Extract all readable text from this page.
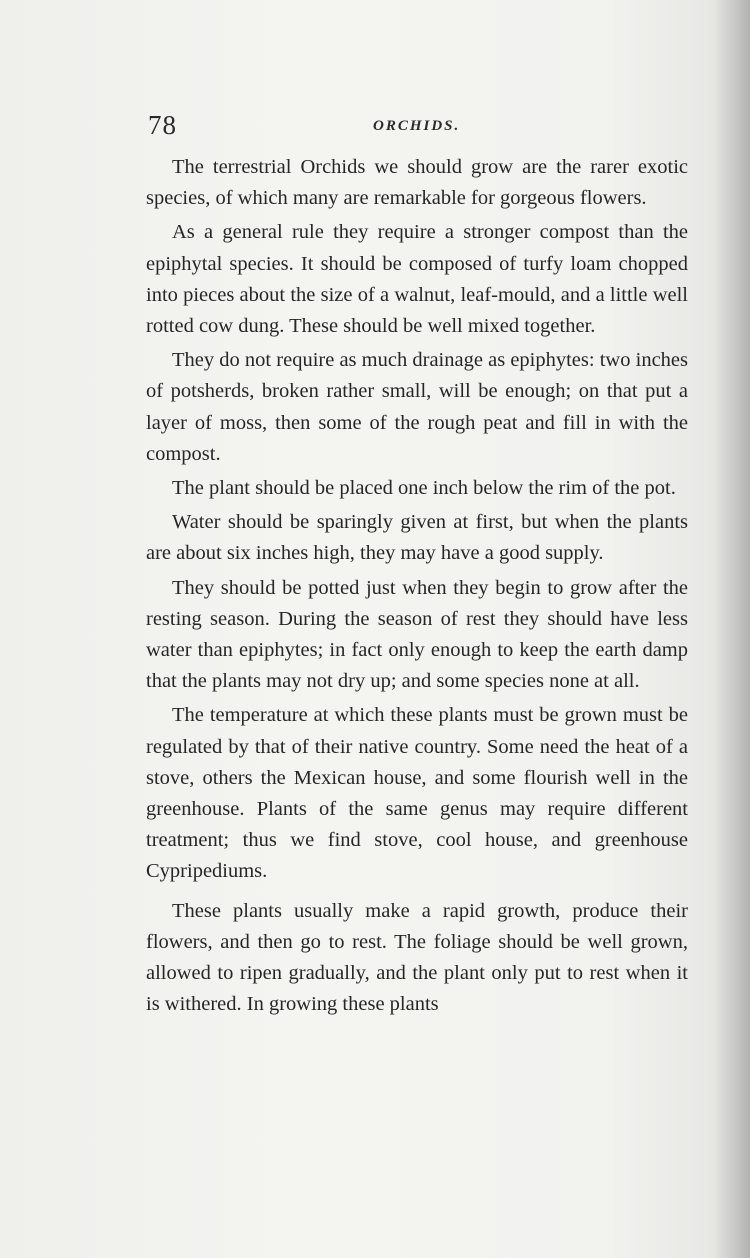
78	ORCHIDS.

The terrestrial Orchids we should grow are the rarer exotic species, of which many are remarkable for gorgeous flowers.

As a general rule they require a stronger compost than the epiphytal species. It should be composed of turfy loam chopped into pieces about the size of a walnut, leaf-mould, and a little well rotted cow dung. These should be well mixed together.

They do not require as much drainage as epiphytes: two inches of potsherds, broken rather small, will be enough; on that put a layer of moss, then some of the rough peat and fill in with the compost.

The plant should be placed one inch below the rim of the pot.

Water should be sparingly given at first, but when the plants are about six inches high, they may have a good supply.

They should be potted just when they begin to grow after the resting season. During the season of rest they should have less water than epiphytes; in fact only enough to keep the earth damp that the plants may not dry up; and some species none at all.

The temperature at which these plants must be grown must be regulated by that of their native country. Some need the heat of a stove, others the Mexican house, and some flourish well in the greenhouse. Plants of the same genus may require different treatment; thus we find stove, cool house, and greenhouse Cypripediums.

These plants usually make a rapid growth, produce their flowers, and then go to rest. The foliage should be well grown, allowed to ripen gradually, and the plant only put to rest when it is withered. In growing these plants
